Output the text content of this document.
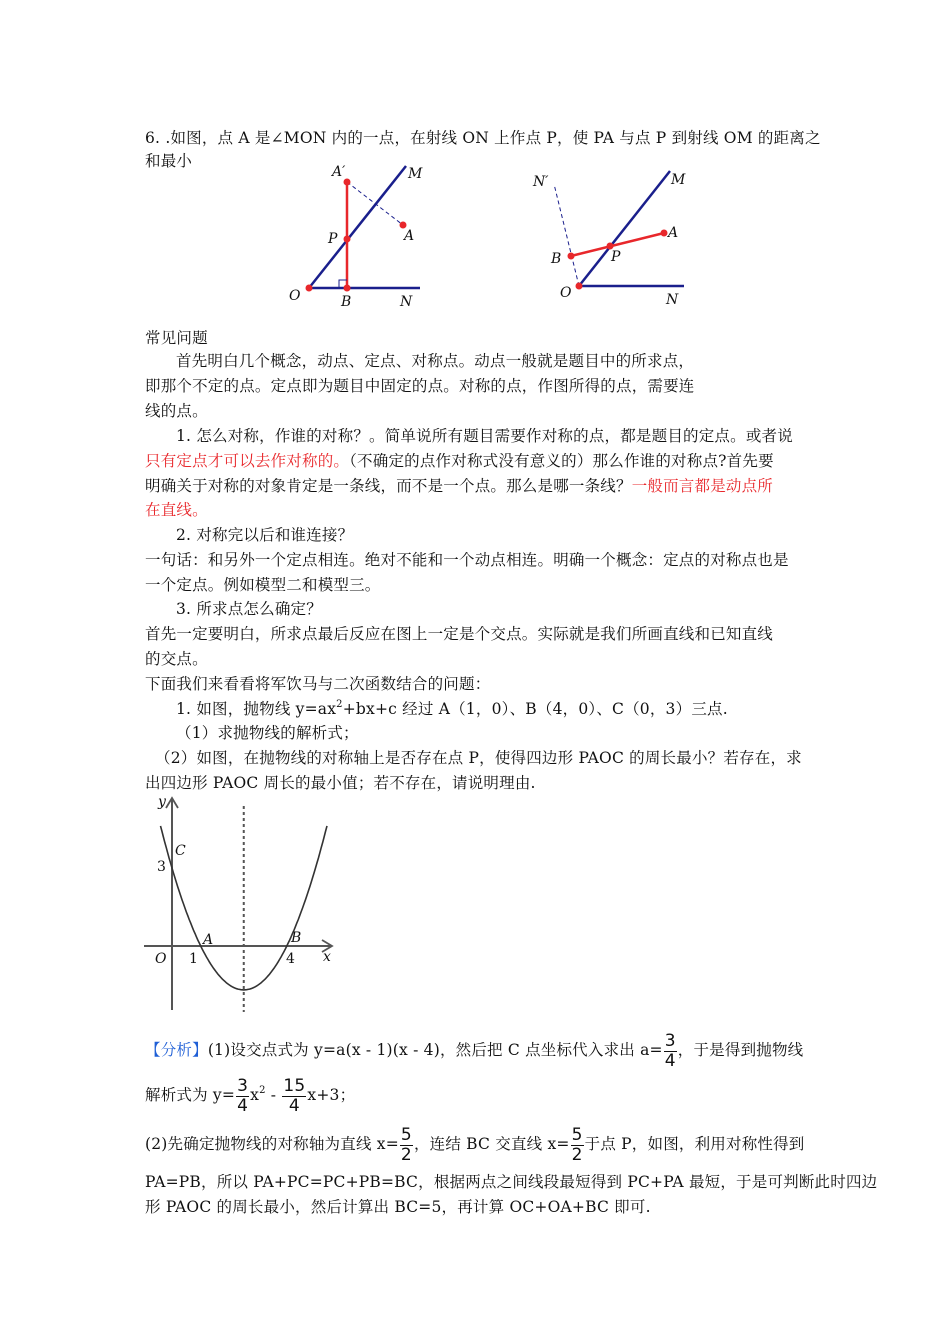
6. .如图，点 A 是∠MON 内的一点，在射线 ON 上作点 P，使 PA 与点 P 到射线 OM 的距离之
和最小
A′	M
P	A
O	B	N
N′	M
A
B	P
O	N
常见问题
首先明白几个概念，动点、定点、对称点。动点一般就是题目中的所求点，
即那个不定的点。定点即为题目中固定的点。对称的点，作图所得的点，需要连
线的点。
1. 怎么对称，作谁的对称？。简单说所有题目需要作对称的点，都是题目的定点。或者说
只有定点才可以去作对称的。（不确定的点作对称式没有意义的）那么作谁的对称点?首先要
明确关于对称的对象肯定是一条线，而不是一个点。那么是哪一条线？一般而言都是动点所
在直线。
2. 对称完以后和谁连接？
一句话：和另外一个定点相连。绝对不能和一个动点相连。明确一个概念：定点的对称点也是
一个定点。例如模型二和模型三。
3. 所求点怎么确定？
首先一定要明白，所求点最后反应在图上一定是个交点。实际就是我们所画直线和已知直线
的交点。
下面我们来看看将军饮马与二次函数结合的问题：
1. 如图，抛物线 $y=ax^2+bx+c$ 经过 A（1，0）、B（4，0）、C（0，3）三点.
（1）求抛物线的解析式；
（2）如图，在抛物线的对称轴上是否存在点 P，使得四边形 PAOC 的周长最小？若存在，求
出四边形 PAOC 周长的最小值；若不存在，请说明理由.
y
x
C
3
A	B
O 1	4
【分析】(1)设交点式为 y=a(x - 1)(x - 4)，然后把 C 点坐标代入求出 $a= \frac{3}{4}$ ，于是得到抛物线
解析式为 $y= \frac{3}{4} x^2 - \frac{15}{4} x+3$；
(2)先确定抛物线的对称轴为直线 $x= \frac{5}{2}$ ，连结 BC 交直线 $x= \frac{5}{2}$ 于点 P，如图，利用对称性得到
PA=PB，所以 PA+PC=PC+PB=BC，根据两点之间线段最短得到 PC+PA 最短，于是可判断此时四边
形 PAOC 的周长最小，然后计算出 BC=5，再计算 OC+OA+BC 即可.
